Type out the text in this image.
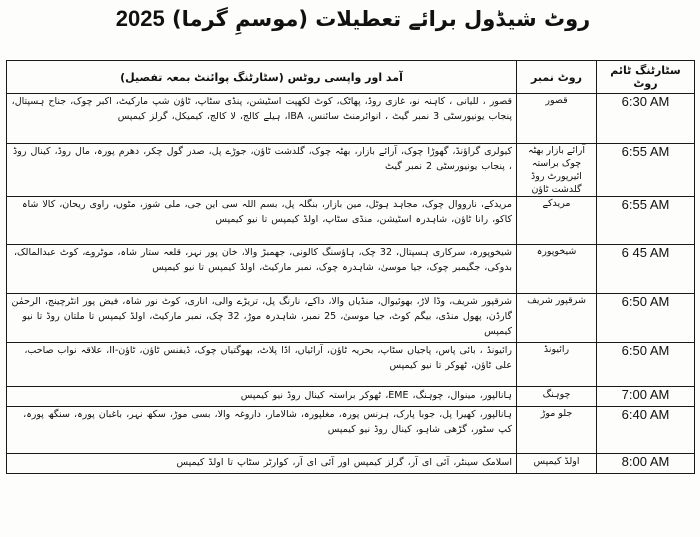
روٹ شیڈول برائے تعطیلات (موسمِ گرما) 2025
سٹارٹنگ ٹائم روٹ	روٹ نمبر	آمد اور واپسی روٹس (سٹارٹنگ پوائنٹ بمعہ تفصیل)
6:30 AM	قصور	قصور ، للیانی ، کاہنہ نو، غازی روڈ، پھاٹک، کوٹ لکھپت اسٹیشن، پنڈی سٹاپ، ٹاؤن شپ مارکیٹ، اکبر چوک، جناح ہسپتال، پنجاب یونیورسٹی 3 نمبر گیٹ ، انوائرمنٹ سائنس، IBA، ہیلے کالج، لا کالج، کیمیکل، گرلز کیمپس
6:55 AM	آرائے بازار بھٹہ چوک براستہ ائیرپورٹ روڈ گلدشت ٹاؤن	کیولری گراؤنڈ، گھوڑا چوک، آرائے بازار، بھٹہ چوک، گلدشت ٹاؤن، جوڑے پل، صدر گول چکر، دھرم پورہ، مال روڈ، کینال روڈ ، پنجاب یونیورسٹی 2 نمبر گیٹ
6:55 AM	مریدکے	مریدکے، نارووال چوک، مجاہد ہوٹل، مین بازار، بنگلہ پل، بسم اللہ سی این جی، ملی شوز، مٹوں، راوی ریحان، کالا شاہ کاکو، رانا ٹاؤن، شاہدرہ اسٹیشن، منڈی سٹاپ، اولڈ کیمپس تا نیو کیمپس
6 45 AM	شیخوپورہ	شیخوپورہ، سرکاری ہسپتال، 32 چک، ہاؤسنگ کالونی، جھمبڑ والا، خان پور نہر، قلعہ ستار شاہ، موٹروے، کوٹ عبدالمالک، بدوکی، جگیمبر چوک، جیا موسیٰ، شاہدرہ چوک، نمبر مارکیٹ، اولڈ کیمپس تا نیو کیمپس
6:50 AM	شرقپور شریف	شرقپور شریف، وڈا لاڑ، بھوئیوال، منڈیاں والا، داکے، نارنگ پل، تریڑے والی، اناری، کوٹ نور شاہ، فیض پور انٹرچینج، الرحمٰن گارڈن، پھول منڈی، بیگم کوٹ، جیا موسیٰ، 25 نمبر، شاہدرہ موڑ، 32 چک، نمبر مارکیٹ، اولڈ کیمپس تا ملتان روڈ تا نیو کیمپس
6:50 AM	رائیونڈ	رائیونڈ ، بائی پاس، پاجیاں سٹاپ، بحریہ ٹاؤن، آرائیاں، اڈا پلاٹ، بھوگتیاں چوک، ڈیفنس ٹاؤن، ٹاؤن-II، علاقہ نواب صاحب، علی ٹاؤن، ٹھوکر تا نیو کیمپس
7:00 AM	چوہنگ	ہانالپور، مینوال، چوہنگ، EME، ٹھوکر براستہ کینال روڈ نیو کیمپس
6:40 AM	جلو موڑ	ہانالپور، کھیرا پل، جوبا پارک، ہرنس پورہ، مغلپورہ، شالامار، داروغہ والا، بسی موڑ، سکھ نہر، باغبان پورہ، سنگھ پورہ، کپ سٹور، گڑھی شاہو، کینال روڈ نیو کیمپس
8:00 AM	اولڈ کیمپس	اسلامک سینٹر، آئی ای آر، گرلز کیمپس اور آئی ای آر، کوارٹر سٹاپ تا اولڈ کیمپس
